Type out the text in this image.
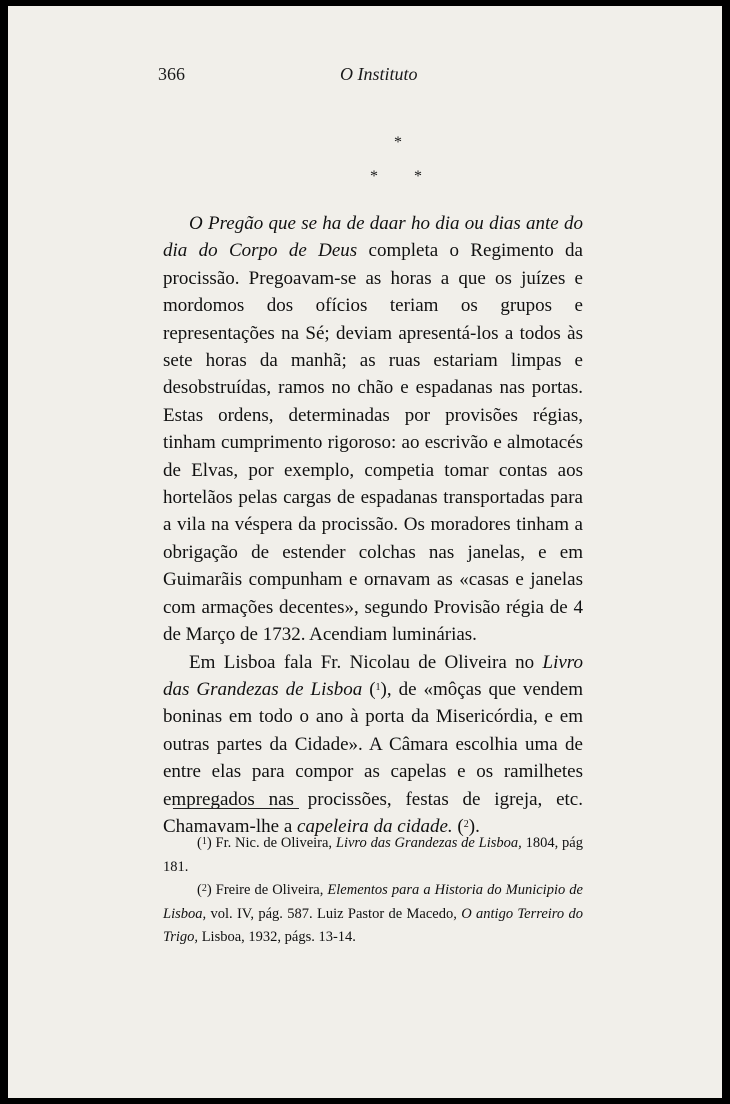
366	O Instituto
*
* *

O Pregão que se ha de daar ho dia ou dias ante do dia do Corpo de Deus completa o Regimento da procissão. Pregoavam-se as horas a que os juízes e mordomos dos ofícios teriam os grupos e representações na Sé; deviam apresentá-los a todos às sete horas da manhã; as ruas estariam limpas e desobstruídas, ramos no chão e espadanas nas portas. Estas ordens, determinadas por provisões régias, tinham cumprimento rigoroso: ao escrivão e almotacés de Elvas, por exemplo, competia tomar contas aos hortelãos pelas cargas de espadanas transportadas para a vila na véspera da procissão. Os moradores tinham a obrigação de estender colchas nas janelas, e em Guimarãis compunham e ornavam as «casas e janelas com armações decentes», segundo Provisão régia de 4 de Março de 1732. Acendiam luminárias.

Em Lisboa fala Fr. Nicolau de Oliveira no Livro das Grandezas de Lisboa ($^1$), de «môças que vendem boninas em todo o ano à porta da Misericórdia, e em outras partes da Cidade». A Câmara escolhia uma de entre elas para compor as capelas e os ramilhetes empregados nas procissões, festas de igreja, etc. Chamavam-lhe a capeleira da cidade. ($^2$).

($^1$) Fr. Nic. de Oliveira, Livro das Grandezas de Lisboa, 1804, pág 181.

($^2$) Freire de Oliveira, Elementos para a Historia do Municipio de Lisboa, vol. IV, pág. 587. Luiz Pastor de Macedo, O antigo Terreiro do Trigo, Lisboa, 1932, págs. 13-14.
